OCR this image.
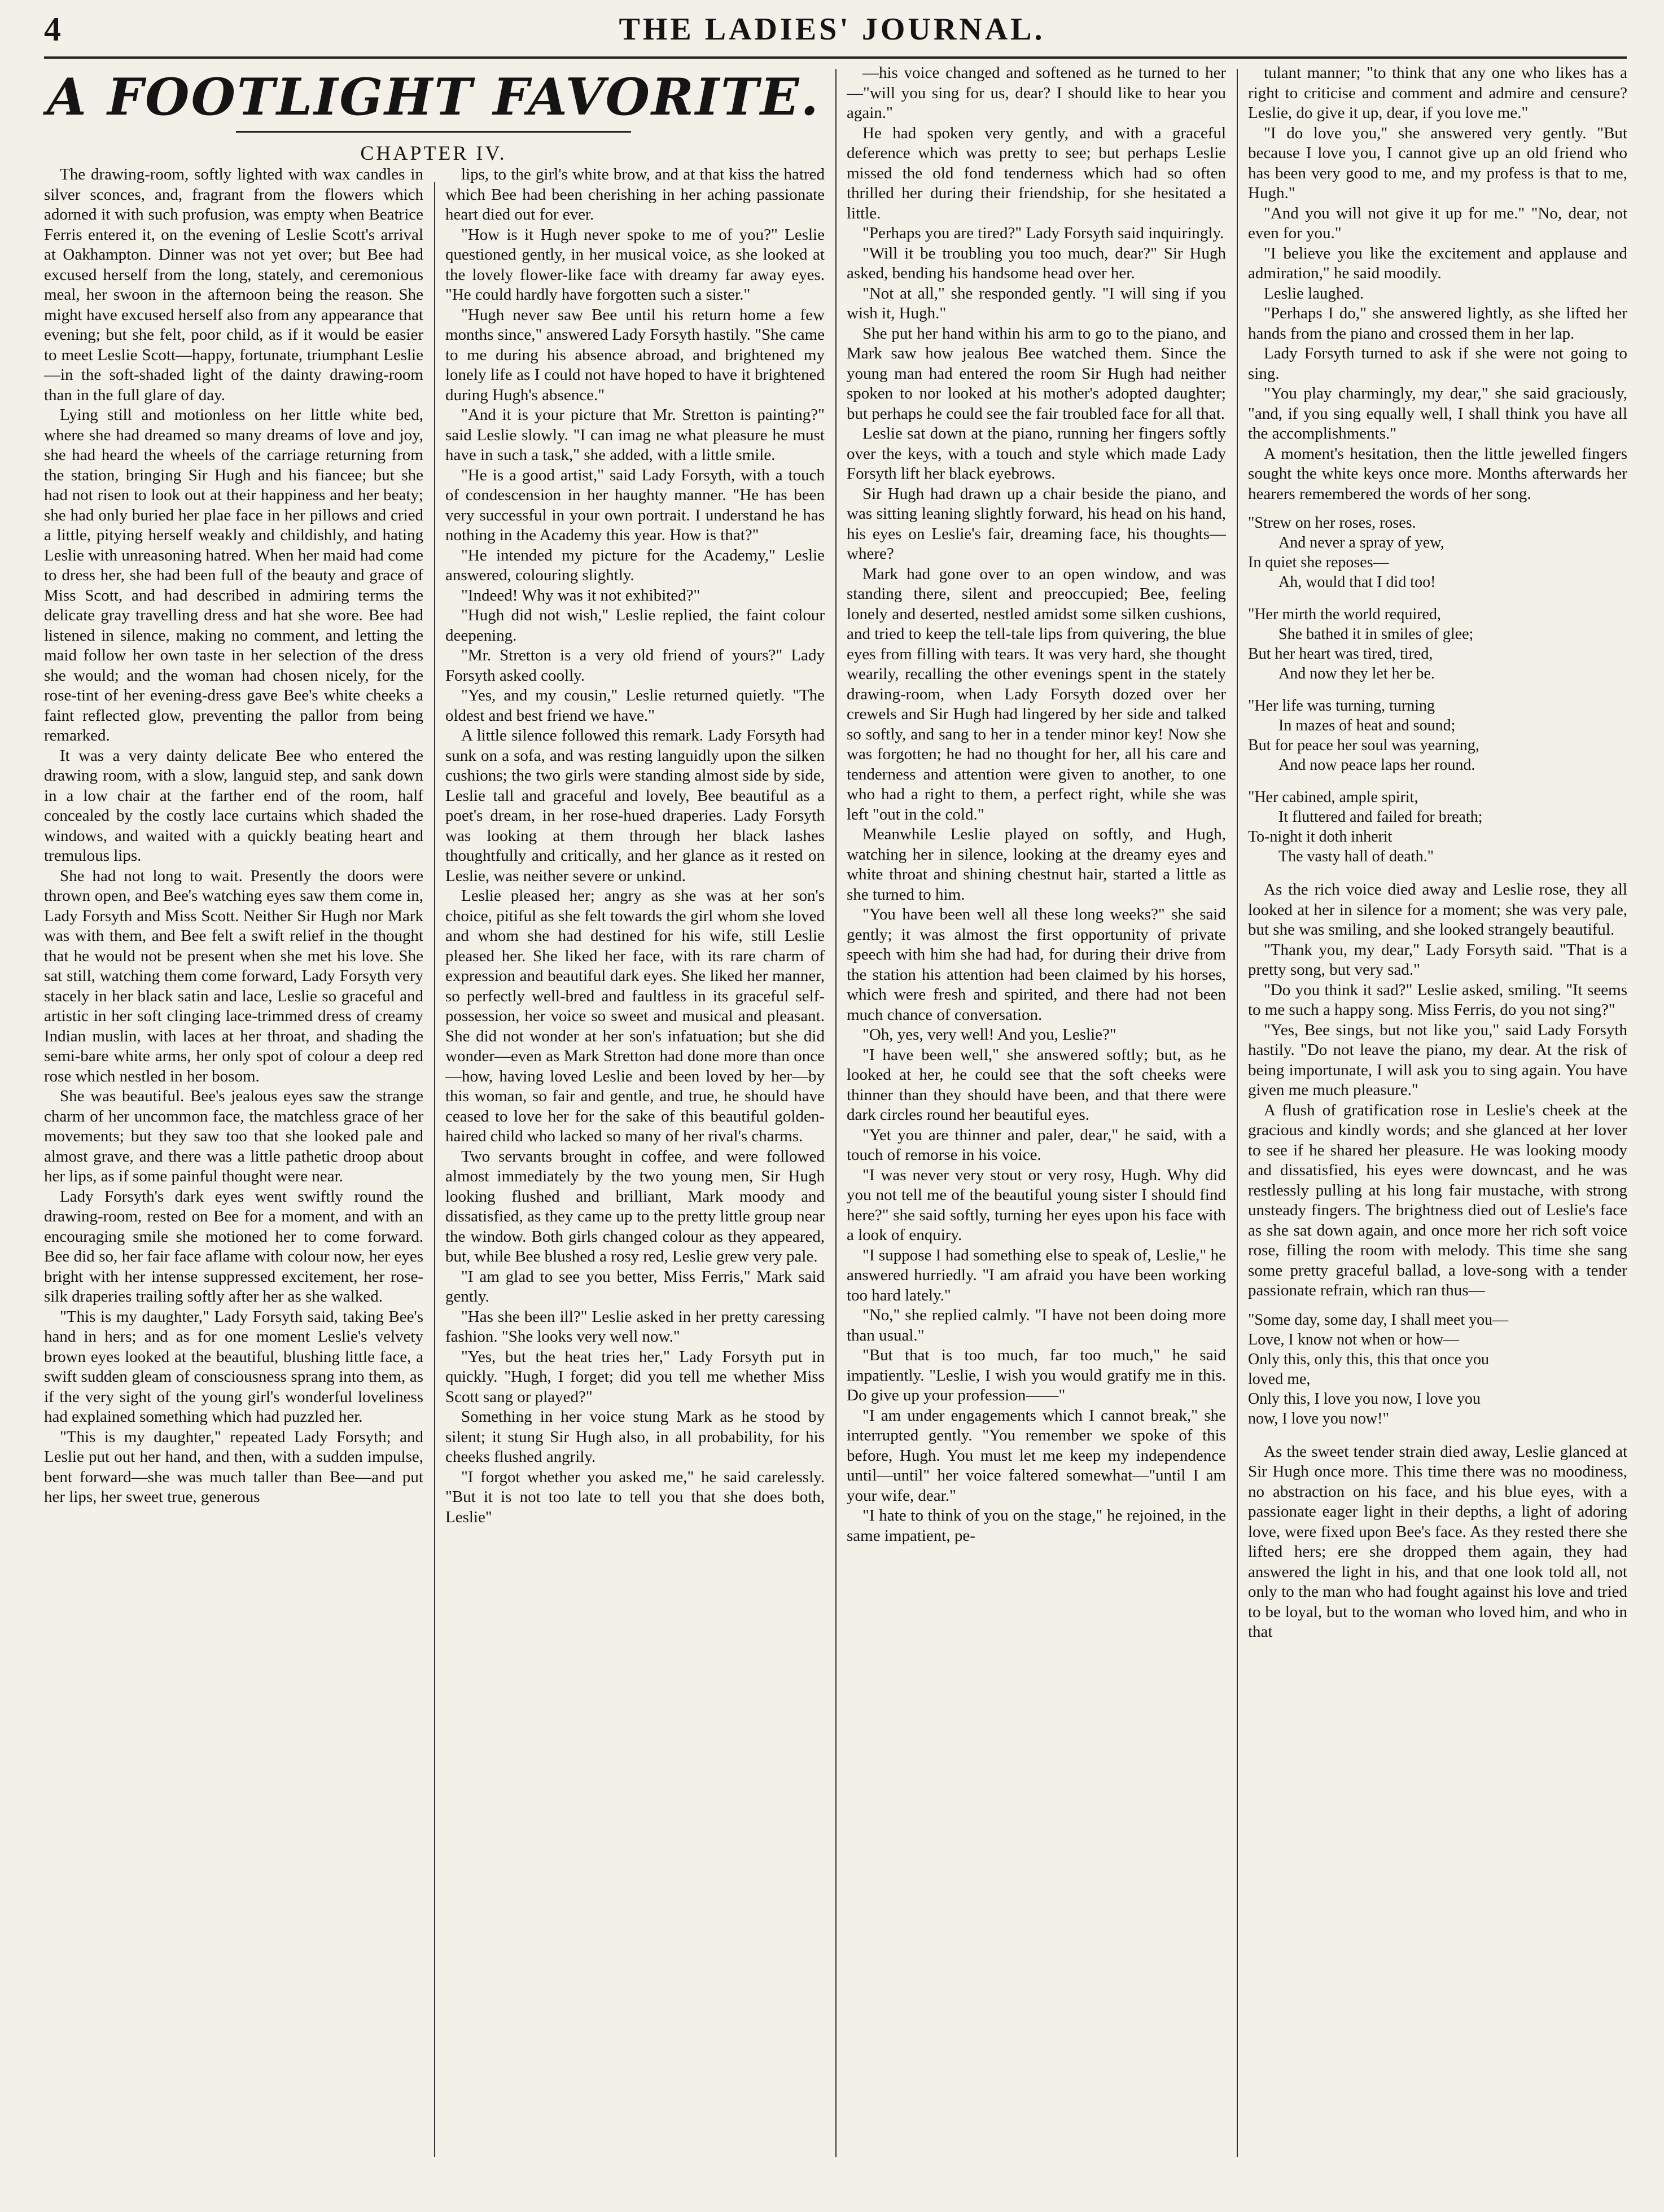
4	THE LADIES' JOURNAL.
A FOOTLIGHT FAVORITE.
CHAPTER IV.

The drawing-room, softly lighted with wax candles in silver sconces, and, fragrant from the flowers which adorned it with such profusion, was empty when Beatrice Ferris entered it, on the evening of Leslie Scott's arrival at Oakhampton. Dinner was not yet over; but Bee had excused herself from the long, stately, and ceremonious meal, her swoon in the afternoon being the reason. She might have excused herself also from any appearance that evening; but she felt, poor child, as if it would be easier to meet Leslie Scott—happy, fortunate, triumphant Leslie—in the soft-shaded light of the dainty drawing-room than in the full glare of day.

Lying still and motionless on her little white bed, where she had dreamed so many dreams of love and joy, she had heard the wheels of the carriage returning from the station, bringing Sir Hugh and his fiancee; but she had not risen to look out at their happiness and her beaty; she had only buried her plae face in her pillows and cried a little, pitying herself weakly and childishly, and hating Leslie with unreasoning hatred. When her maid had come to dress her, she had been full of the beauty and grace of Miss Scott, and had described in admiring terms the delicate gray travelling dress and hat she wore. Bee had listened in silence, making no comment, and letting the maid follow her own taste in her selection of the dress she would; and the woman had chosen nicely, for the rose-tint of her evening-dress gave Bee's white cheeks a faint reflected glow, preventing the pallor from being remarked.

It was a very dainty delicate Bee who entered the drawing room, with a slow, languid step, and sank down in a low chair at the farther end of the room, half concealed by the costly lace curtains which shaded the windows, and waited with a quickly beating heart and tremulous lips.

She had not long to wait. Presently the doors were thrown open, and Bee's watching eyes saw them come in, Lady Forsyth and Miss Scott. Neither Sir Hugh nor Mark was with them, and Bee felt a swift relief in the thought that he would not be present when she met his love. She sat still, watching them come forward, Lady Forsyth very stacely in her black satin and lace, Leslie so graceful and artistic in her soft clinging lace-trimmed dress of creamy Indian muslin, with laces at her throat, and shading the semi-bare white arms, her only spot of colour a deep red rose which nestled in her bosom.

She was beautiful. Bee's jealous eyes saw the strange charm of her uncommon face, the matchless grace of her movements; but they saw too that she looked pale and almost grave, and there was a little pathetic droop about her lips, as if some painful thought were near.

Lady Forsyth's dark eyes went swiftly round the drawing-room, rested on Bee for a moment, and with an encouraging smile she motioned her to come forward. Bee did so, her fair face aflame with colour now, her eyes bright with her intense suppressed excitement, her rose-silk draperies trailing softly after her as she walked.

"This is my daughter," Lady Forsyth said, taking Bee's hand in hers; and as for one moment Leslie's velvety brown eyes looked at the beautiful, blushing little face, a swift sudden gleam of consciousness sprang into them, as if the very sight of the young girl's wonderful loveliness had explained something which had puzzled her.

"This is my daughter," repeated Lady Forsyth; and Leslie put out her hand, and then, with a sudden impulse, bent forward—she was much taller than Bee—and put her lips, her sweet true, generous

lips, to the girl's white brow, and at that kiss the hatred which Bee had been cherishing in her aching passionate heart died out for ever.

"How is it Hugh never spoke to me of you?" Leslie questioned gently, in her musical voice, as she looked at the lovely flower-like face with dreamy far away eyes. "He could hardly have forgotten such a sister."

"Hugh never saw Bee until his return home a few months since," answered Lady Forsyth hastily. "She came to me during his absence abroad, and brightened my lonely life as I could not have hoped to have it brightened during Hugh's absence."

"And it is your picture that Mr. Stretton is painting?" said Leslie slowly. "I can imag ne what pleasure he must have in such a task," she added, with a little smile.

"He is a good artist," said Lady Forsyth, with a touch of condescension in her haughty manner. "He has been very successful in your own portrait. I understand he has nothing in the Academy this year. How is that?"

"He intended my picture for the Academy," Leslie answered, colouring slightly.

"Indeed! Why was it not exhibited?"

"Hugh did not wish," Leslie replied, the faint colour deepening.

"Mr. Stretton is a very old friend of yours?" Lady Forsyth asked coolly.

"Yes, and my cousin," Leslie returned quietly. "The oldest and best friend we have."

A little silence followed this remark. Lady Forsyth had sunk on a sofa, and was resting languidly upon the silken cushions; the two girls were standing almost side by side, Leslie tall and graceful and lovely, Bee beautiful as a poet's dream, in her rose-hued draperies. Lady Forsyth was looking at them through her black lashes thoughtfully and critically, and her glance as it rested on Leslie, was neither severe or unkind.

Leslie pleased her; angry as she was at her son's choice, pitiful as she felt towards the girl whom she loved and whom she had destined for his wife, still Leslie pleased her. She liked her face, with its rare charm of expression and beautiful dark eyes. She liked her manner, so perfectly well-bred and faultless in its graceful self-possession, her voice so sweet and musical and pleasant. She did not wonder at her son's infatuation; but she did wonder—even as Mark Stretton had done more than once—how, having loved Leslie and been loved by her—by this woman, so fair and gentle, and true, he should have ceased to love her for the sake of this beautiful golden-haired child who lacked so many of her rival's charms.

Two servants brought in coffee, and were followed almost immediately by the two young men, Sir Hugh looking flushed and brilliant, Mark moody and dissatisfied, as they came up to the pretty little group near the window. Both girls changed colour as they appeared, but, while Bee blushed a rosy red, Leslie grew very pale.

"I am glad to see you better, Miss Ferris," Mark said gently.

"Has she been ill?" Leslie asked in her pretty caressing fashion. "She looks very well now."

"Yes, but the heat tries her," Lady Forsyth put in quickly. "Hugh, I forget; did you tell me whether Miss Scott sang or played?"

Something in her voice stung Mark as he stood by silent; it stung Sir Hugh also, in all probability, for his cheeks flushed angrily.

"I forgot whether you asked me," he said carelessly. "But it is not too late to tell you that she does both, Leslie"

—his voice changed and softened as he turned to her—"will you sing for us, dear? I should like to hear you again."

He had spoken very gently, and with a graceful deference which was pretty to see; but perhaps Leslie missed the old fond tenderness which had so often thrilled her during their friendship, for she hesitated a little.

"Perhaps you are tired?" Lady Forsyth said inquiringly.

"Will it be troubling you too much, dear?" Sir Hugh asked, bending his handsome head over her.

"Not at all," she responded gently. "I will sing if you wish it, Hugh."

She put her hand within his arm to go to the piano, and Mark saw how jealous Bee watched them. Since the young man had entered the room Sir Hugh had neither spoken to nor looked at his mother's adopted daughter; but perhaps he could see the fair troubled face for all that.

Leslie sat down at the piano, running her fingers softly over the keys, with a touch and style which made Lady Forsyth lift her black eyebrows.

Sir Hugh had drawn up a chair beside the piano, and was sitting leaning slightly forward, his head on his hand, his eyes on Leslie's fair, dreaming face, his thoughts—where?

Mark had gone over to an open window, and was standing there, silent and preoccupied; Bee, feeling lonely and deserted, nestled amidst some silken cushions, and tried to keep the tell-tale lips from quivering, the blue eyes from filling with tears. It was very hard, she thought wearily, recalling the other evenings spent in the stately drawing-room, when Lady Forsyth dozed over her crewels and Sir Hugh had lingered by her side and talked so softly, and sang to her in a tender minor key! Now she was forgotten; he had no thought for her, all his care and tenderness and attention were given to another, to one who had a right to them, a perfect right, while she was left "out in the cold."

Meanwhile Leslie played on softly, and Hugh, watching her in silence, looking at the dreamy eyes and white throat and shining chestnut hair, started a little as she turned to him.

"You have been well all these long weeks?" she said gently; it was almost the first opportunity of private speech with him she had had, for during their drive from the station his attention had been claimed by his horses, which were fresh and spirited, and there had not been much chance of conversation.

"Oh, yes, very well! And you, Leslie?"

"I have been well," she answered softly; but, as he looked at her, he could see that the soft cheeks were thinner than they should have been, and that there were dark circles round her beautiful eyes.

"Yet you are thinner and paler, dear," he said, with a touch of remorse in his voice.

"I was never very stout or very rosy, Hugh. Why did you not tell me of the beautiful young sister I should find here?" she said softly, turning her eyes upon his face with a look of enquiry.

"I suppose I had something else to speak of, Leslie," he answered hurriedly. "I am afraid you have been working too hard lately."

"No," she replied calmly. "I have not been doing more than usual."

"But that is too much, far too much," he said impatiently. "Leslie, I wish you would gratify me in this. Do give up your profession——"

"I am under engagements which I cannot break," she interrupted gently. "You remember we spoke of this before, Hugh. You must let me keep my independence until—until" her voice faltered somewhat—"until I am your wife, dear."

"I hate to think of you on the stage," he rejoined, in the same impatient, pe-

tulant manner; "to think that any one who likes has a right to criticise and comment and admire and censure? Leslie, do give it up, dear, if you love me."

"I do love you," she answered very gently. "But because I love you, I cannot give up an old friend who has been very good to me, and my profess is that to me, Hugh."

"And you will not give it up for me." "No, dear, not even for you."

"I believe you like the excitement and applause and admiration," he said moodily.

Leslie laughed.

"Perhaps I do," she answered lightly, as she lifted her hands from the piano and crossed them in her lap.

Lady Forsyth turned to ask if she were not going to sing.

"You play charmingly, my dear," she said graciously, "and, if you sing equally well, I shall think you have all the accomplishments."

A moment's hesitation, then the little jewelled fingers sought the white keys once more. Months afterwards her hearers remembered the words of her song.

"Strew on her roses, roses.
And never a spray of yew,
In quiet she reposes—
Ah, would that I did too!
"Her mirth the world required,
She bathed it in smiles of glee;
But her heart was tired, tired,
And now they let her be.
"Her life was turning, turning
In mazes of heat and sound;
But for peace her soul was yearning,
And now peace laps her round.
"Her cabined, ample spirit,
It fluttered and failed for breath;
To-night it doth inherit
The vasty hall of death."

As the rich voice died away and Leslie rose, they all looked at her in silence for a moment; she was very pale, but she was smiling, and she looked strangely beautiful.

"Thank you, my dear," Lady Forsyth said. "That is a pretty song, but very sad."

"Do you think it sad?" Leslie asked, smiling. "It seems to me such a happy song. Miss Ferris, do you not sing?"

"Yes, Bee sings, but not like you," said Lady Forsyth hastily. "Do not leave the piano, my dear. At the risk of being importunate, I will ask you to sing again. You have given me much pleasure."

A flush of gratification rose in Leslie's cheek at the gracious and kindly words; and she glanced at her lover to see if he shared her pleasure. He was looking moody and dissatisfied, his eyes were downcast, and he was restlessly pulling at his long fair mustache, with strong unsteady fingers. The brightness died out of Leslie's face as she sat down again, and once more her rich soft voice rose, filling the room with melody. This time she sang some pretty graceful ballad, a love-song with a tender passionate refrain, which ran thus—

"Some day, some day, I shall meet you—
Love, I know not when or how—
Only this, only this, this that once you
loved me,
Only this, I love you now, I love you
now, I love you now!"

As the sweet tender strain died away, Leslie glanced at Sir Hugh once more. This time there was no moodiness, no abstraction on his face, and his blue eyes, with a passionate eager light in their depths, a light of adoring love, were fixed upon Bee's face. As they rested there she lifted hers; ere she dropped them again, they had answered the light in his, and that one look told all, not only to the man who had fought against his love and tried to be loyal, but to the woman who loved him, and who in that
